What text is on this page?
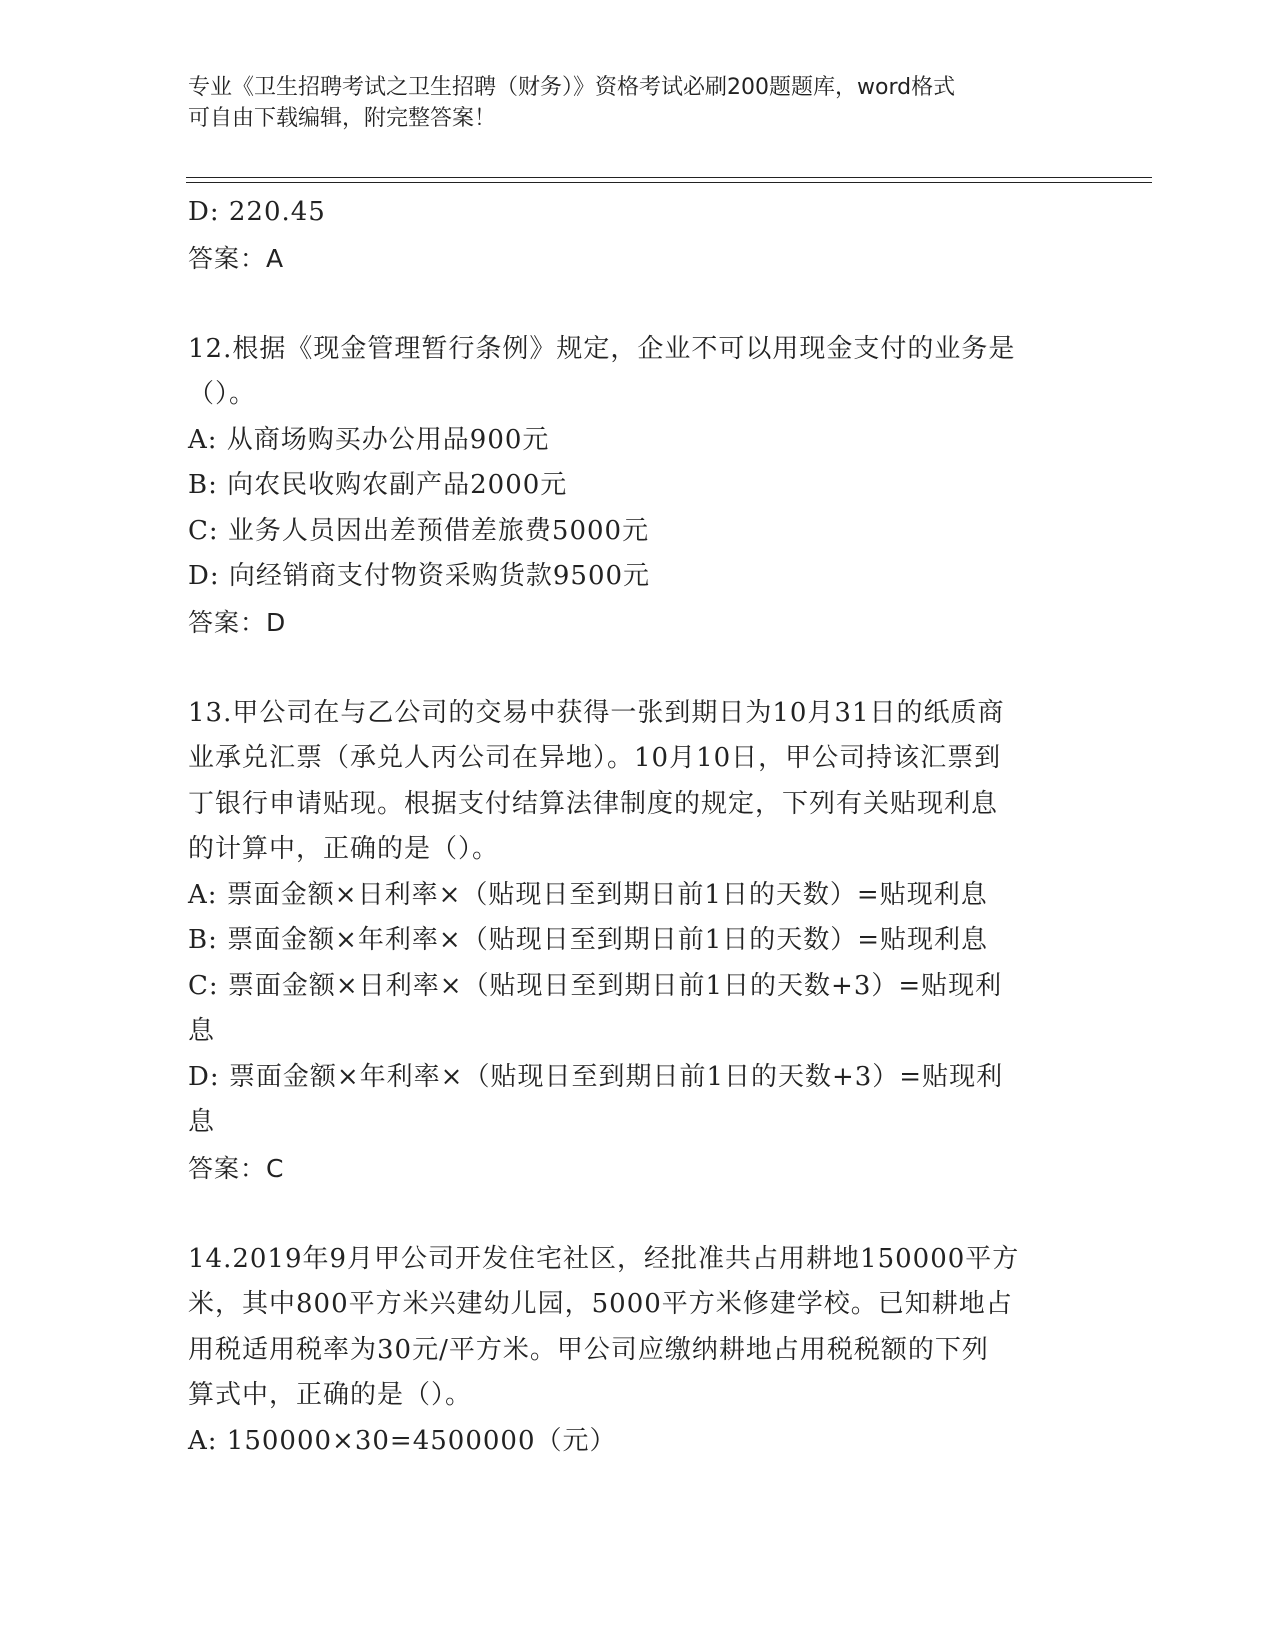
专业《卫生招聘考试之卫生招聘（财务）》资格考试必刷200题题库，word格式
可自由下载编辑，附完整答案！
D: 220.45
答案：A
12.根据《现金管理暂行条例》规定，企业不可以用现金支付的业务是
（）。
A: 从商场购买办公用品900元
B: 向农民收购农副产品2000元
C: 业务人员因出差预借差旅费5000元
D: 向经销商支付物资采购货款9500元
答案：D
13.甲公司在与乙公司的交易中获得一张到期日为10月31日的纸质商
业承兑汇票（承兑人丙公司在异地）。10月10日，甲公司持该汇票到
丁银行申请贴现。根据支付结算法律制度的规定，下列有关贴现利息
的计算中，正确的是（）。
A: 票面金额×日利率×（贴现日至到期日前1日的天数）=贴现利息
B: 票面金额×年利率×（贴现日至到期日前1日的天数）=贴现利息
C: 票面金额×日利率×（贴现日至到期日前1日的天数+3）=贴现利
息
D: 票面金额×年利率×（贴现日至到期日前1日的天数+3）=贴现利
息
答案：C
14.2019年9月甲公司开发住宅社区，经批准共占用耕地150000平方
米，其中800平方米兴建幼儿园，5000平方米修建学校。已知耕地占
用税适用税率为30元/平方米。甲公司应缴纳耕地占用税税额的下列
算式中，正确的是（）。
A: 150000×30=4500000（元）
